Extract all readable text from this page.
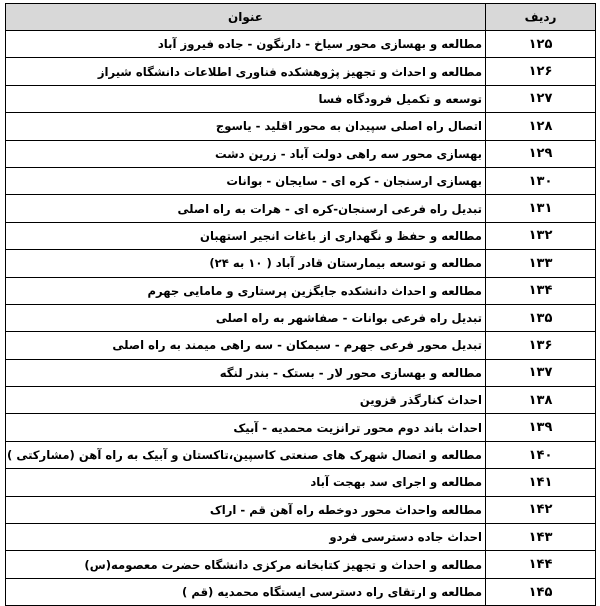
ردیف	عنوان
۱۲۵	مطالعه و بهسازی محور سیاخ - دارنگون - جاده فیروز آباد
۱۲۶	مطالعه و احداث و تجهیز پژوهشکده فناوری اطلاعات دانشگاه شیراز
۱۲۷	توسعه و تکمیل فرودگاه فسا
۱۲۸	اتصال راه اصلی سپیدان به محور اقلید - یاسوج
۱۲۹	بهسازی محور سه راهی دولت آباد - زرین دشت
۱۳۰	بهسازی ارسنجان - کره ای - سایجان - بوانات
۱۳۱	تبدیل راه فرعی ارسنجان-کره ای - هرات به راه اصلی
۱۳۲	مطالعه و حفظ و نگهداری از باغات انجیر استهبان
۱۳۳	مطالعه و توسعه بیمارستان قادر آباد ( ۱۰ به ۲۴)
۱۳۴	مطالعه و احداث دانشکده جایگزین پرستاری و مامایی جهرم
۱۳۵	تبدیل راه فرعی بوانات - صفاشهر به راه اصلی
۱۳۶	تبدیل محور فرعی جهرم - سیمکان - سه راهی میمند به راه اصلی
۱۳۷	مطالعه و بهسازی محور لار - بستک - بندر لنگه
۱۳۸	احداث کنارگذر قزوین
۱۳۹	احداث باند دوم محور ترانزیت محمدیه - آبیک
۱۴۰	مطالعه و اتصال شهرک های صنعتی کاسپین،تاکستان و آبیک به راه آهن (مشارکتی )
۱۴۱	مطالعه و اجرای سد بهجت آباد
۱۴۲	مطالعه واحداث محور دوخطه راه آهن قم - اراک
۱۴۳	احداث جاده دسترسی فردو
۱۴۴	مطالعه و احداث و تجهیز کتابخانه مرکزی دانشگاه حضرت معصومه(س)
۱۴۵	مطالعه و ارتقای راه دسترسی ایستگاه محمدیه (قم )
